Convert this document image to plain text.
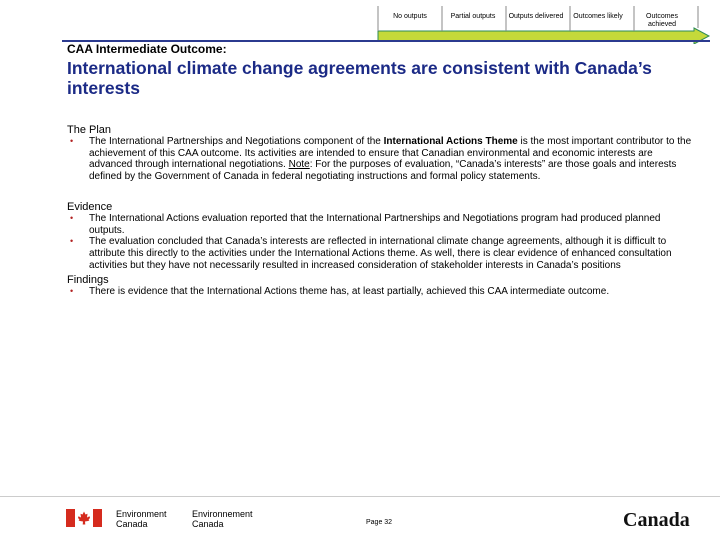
No outputs	Partial outputs	Outputs delivered	Outcomes likely	Outcomes achieved
CAA Intermediate Outcome:
International climate change agreements are consistent with Canada’s interests

The Plan

• The International Partnerships and Negotiations component of the International Actions Theme is the most important contributor to the achievement of this CAA outcome. Its activities are intended to ensure that Canadian environmental and economic interests are advanced through international negotiations. Note: For the purposes of evaluation, “Canada’s interests” are those goals and interests defined by the Government of Canada in federal negotiating instructions and formal policy statements.

Evidence

• The International Actions evaluation reported that the International Partnerships and Negotiations program had produced planned outputs.
• The evaluation concluded that Canada’s interests are reflected in international climate change agreements, although it is difficult to attribute this directly to the activities under the International Actions theme. As well, there is clear evidence of enhanced consultation activities but they have not necessarily resulted in increased consideration of stakeholder interests in Canada’s positions

Findings

• There is evidence that the International Actions theme has, at least partially, achieved this CAA intermediate outcome.
Environment
Canada
Environnement
Canada	Page 32	Canada
